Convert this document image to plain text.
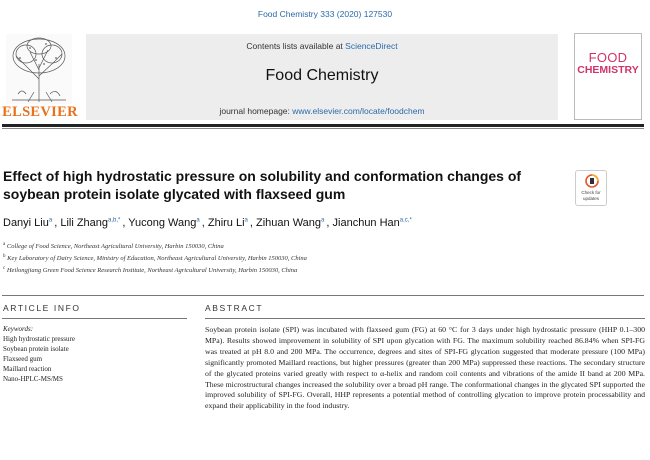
Food Chemistry 333 (2020) 127530
ELSEVIER
Contents lists available at ScienceDirect
Food Chemistry
journal homepage: www.elsevier.com/locate/foodchem
FOOD
CHEMISTRY
Effect of high hydrostatic pressure on solubility and conformation changes of soybean protein isolate glycated with flaxseed gum	Check for
updates
Danyi Liu$^a$ , Lili Zhang$^{a,b,*}$ , Yucong Wang$^a$ , Zhiru Li$^a$ , Zihuan Wang$^a$ , Jianchun Han$^{a,c,*}$
$^a$ College of Food Science, Northeast Agricultural University, Harbin 150030, China
$^b$ Key Laboratory of Dairy Science, Ministry of Education, Northeast Agricultural University, Harbin 150030, China
$^c$ Heilongjiang Green Food Science Research Institute, Northeast Agricultural University, Harbin 150030, China
ARTICLE INFO	ABSTRACT
Keywords:
High hydrostatic pressure
Soybean protein isolate
Flaxseed gum
Maillard reaction
Nano-HPLC-MS/MS

Soybean protein isolate (SPI) was incubated with flaxseed gum (FG) at 60 °C for 3 days under high hydrostatic pressure (HHP 0.1–300 MPa). Results showed improvement in solubility of SPI upon glycation with FG. The maximum solubility reached 86.84% when SPI-FG was treated at pH 8.0 and 200 MPa. The occurrence, degrees and sites of SPI-FG glycation suggested that moderate pressure (100 MPa) significantly promoted Maillard reactions, but higher pressures (greater than 200 MPa) suppressed these reactions. The secondary structure of the glycated proteins varied greatly with respect to α-helix and random coil contents and vibrations of the amide II band at 200 MPa. These microstructural changes increased the solubility over a broad pH range. The conformational changes in the glycated SPI supported the improved solubility of SPI-FG. Overall, HHP represents a potential method of controlling glycation to improve protein processability and expand their applicability in the food industry.
